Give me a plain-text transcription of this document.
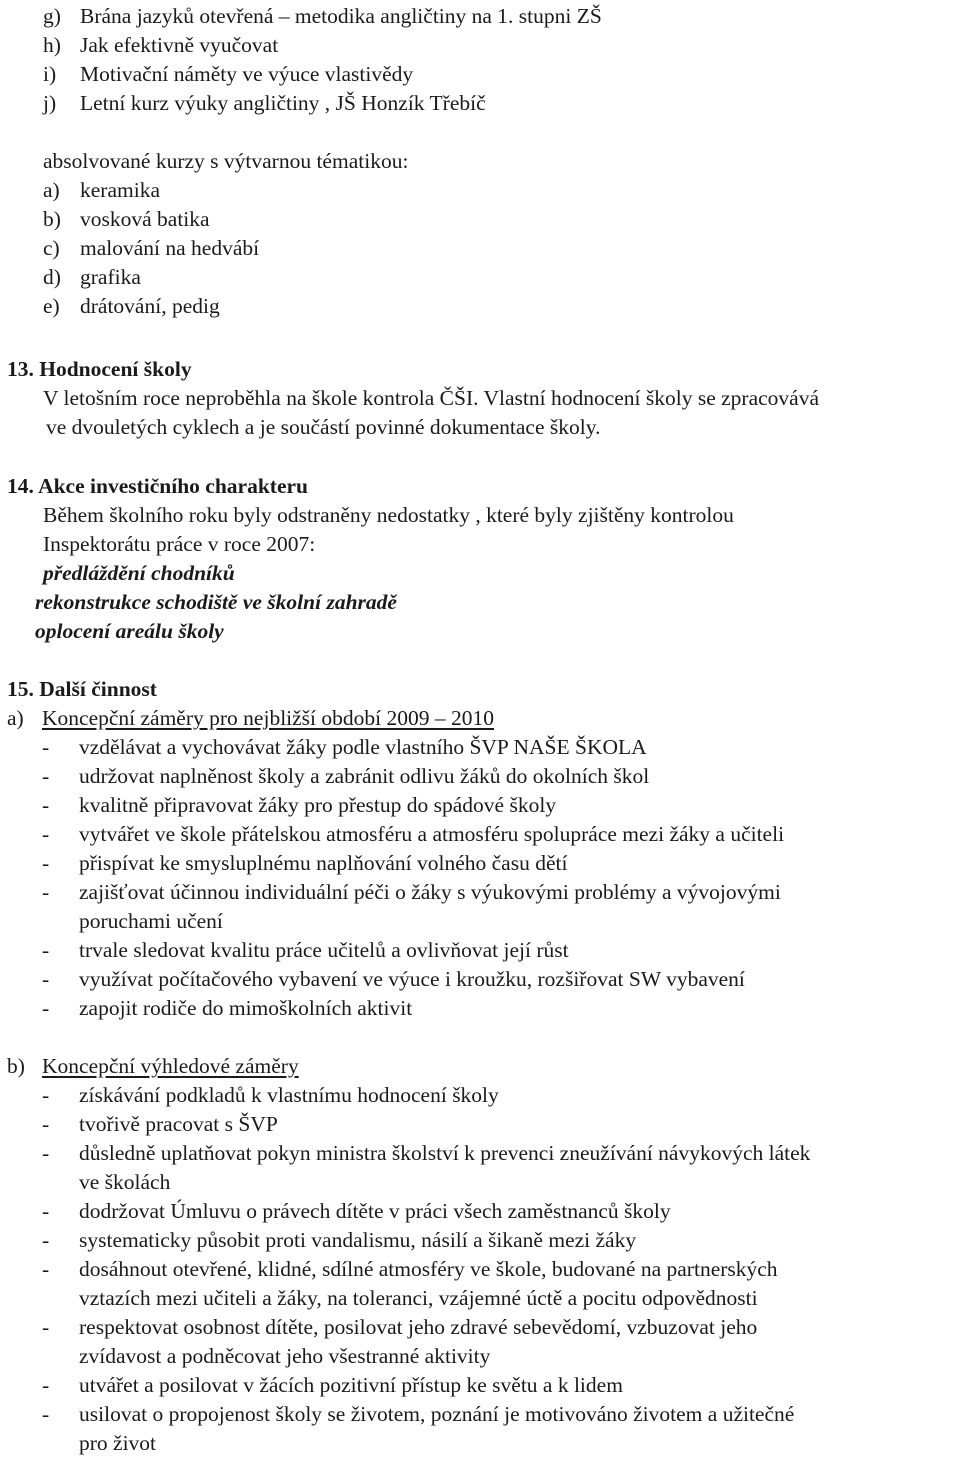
g) Brána jazyků otevřená – metodika angličtiny na 1. stupni ZŠ
h) Jak efektivně vyučovat
i) Motivační náměty ve výuce vlastivědy
j) Letní kurz výuky angličtiny , JŠ Honzík Třebíč
absolvované kurzy s výtvarnou tématikou:
a) keramika
b) vosková batika
c) malování na hedvábí
d) grafika
e) drátování, pedig
13. Hodnocení školy
V letošním roce neproběhla na škole kontrola ČŠI. Vlastní hodnocení školy se zpracovává
ve dvouletých cyklech a je součástí povinné dokumentace školy.
14. Akce investičního charakteru
Během školního roku byly odstraněny nedostatky , které byly zjištěny kontrolou
Inspektorátu práce v roce 2007:
předláždění chodníků
rekonstrukce schodiště ve školní zahradě
oplocení areálu školy
15. Další činnost
a) Koncepční záměry pro nejbližší období 2009 – 2010
- vzdělávat a vychovávat žáky podle vlastního ŠVP NAŠE ŠKOLA
- udržovat naplněnost školy a zabránit odlivu žáků do okolních škol
- kvalitně připravovat žáky pro přestup do spádové školy
- vytvářet ve škole přátelskou atmosféru a atmosféru spolupráce mezi žáky a učiteli
- přispívat ke smysluplnému naplňování volného času dětí
- zajišťovat účinnou individuální péči o žáky s výukovými problémy a vývojovými
poruchami učení
- trvale sledovat kvalitu práce učitelů a ovlivňovat její růst
- využívat počítačového vybavení ve výuce i kroužku, rozšiřovat SW vybavení
- zapojit rodiče do mimoškolních aktivit
b) Koncepční výhledové záměry
- získávání podkladů k vlastnímu hodnocení školy
- tvořivě pracovat s ŠVP
- důsledně uplatňovat pokyn ministra školství k prevenci zneužívání návykových látek
ve školách
- dodržovat Úmluvu o právech dítěte v práci všech zaměstnanců školy
- systematicky působit proti vandalismu, násilí a šikaně mezi žáky
- dosáhnout otevřené, klidné, sdílné atmosféry ve škole, budované na partnerských
vztazích mezi učiteli a žáky, na toleranci, vzájemné úctě a pocitu odpovědnosti
- respektovat osobnost dítěte, posilovat jeho zdravé sebevědomí, vzbuzovat jeho
zvídavost a podněcovat jeho všestranné aktivity
- utvářet a posilovat v žácích pozitivní přístup ke světu a k lidem
- usilovat o propojenost školy se životem, poznání je motivováno životem a užitečné
pro život
